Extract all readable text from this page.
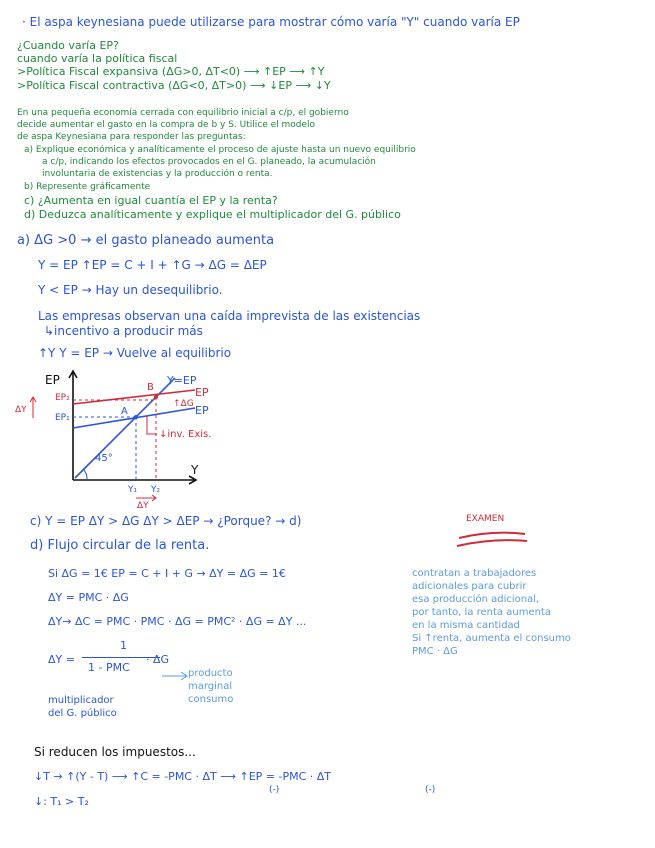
· El aspa keynesiana puede utilizarse para mostrar cómo varía "Y" cuando varía EP
¿Cuando varía EP?
cuando varía la política fiscal
>Política Fiscal expansiva (ΔG>0, ΔT<0) ⟶ ↑EP ⟶ ↑Y
>Política Fiscal contractiva (ΔG<0, ΔT>0) ⟶ ↓EP ⟶ ↓Y
En una pequeña economía cerrada con equilibrio inicial a c/p, el gobierno
decide aumentar el gasto en la compra de b y S. Utilice el modelo
de aspa Keynesiana para responder las preguntas:
a) Explique económica y analíticamente el proceso de ajuste hasta un nuevo equilibrio
a c/p, indicando los efectos provocados en el G. planeado, la acumulación
involuntaria de existencias y la producción o renta.
b) Represente gráficamente
c) ¿Aumenta en igual cuantía el EP y la renta?
d) Deduzca analíticamente y explique el multiplicador del G. público
a) ΔG >0 → el gasto planeado aumenta
Y = EP ↑EP = C + I + ↑G → ΔG = ΔEP
Y < EP → Hay un desequilibrio.
Las empresas observan una caída imprevista de las existencias
↳incentivo a producir más
↑Y Y = EP → Vuelve al equilibrio
EP
Y
Y=EP
EP
EP
A
B
EP₂
EP₁
↑ΔG
↓inv. Exis.
45°
Y₁ Y₂
ΔY
ΔY
c) Y = EP ΔY > ΔG ΔY > ΔEP → ¿Porque? → d)	EXAMEN
d) Flujo circular de la renta.
Si ΔG = 1€ EP = C + I + G → ΔY = ΔG = 1€
ΔY = PMC · ΔG
ΔY→ ΔC = PMC · PMC · ΔG = PMC² · ΔG = ΔY ...
ΔY =
1
1 - PMC
· ΔG
multiplicador
del G. público
producto
marginal
consumo
contratan a trabajadores
adicionales para cubrir
esa producción adicional,
por tanto, la renta aumenta
en la misma cantidad
Si ↑renta, aumenta el consumo
PMC · ΔG
Si reducen los impuestos...
↓T → ↑(Y - T) ⟶ ↑C = -PMC · ΔT ⟶ ↑EP = -PMC · ΔT
(-)	(-)
↓: T₁ > T₂
